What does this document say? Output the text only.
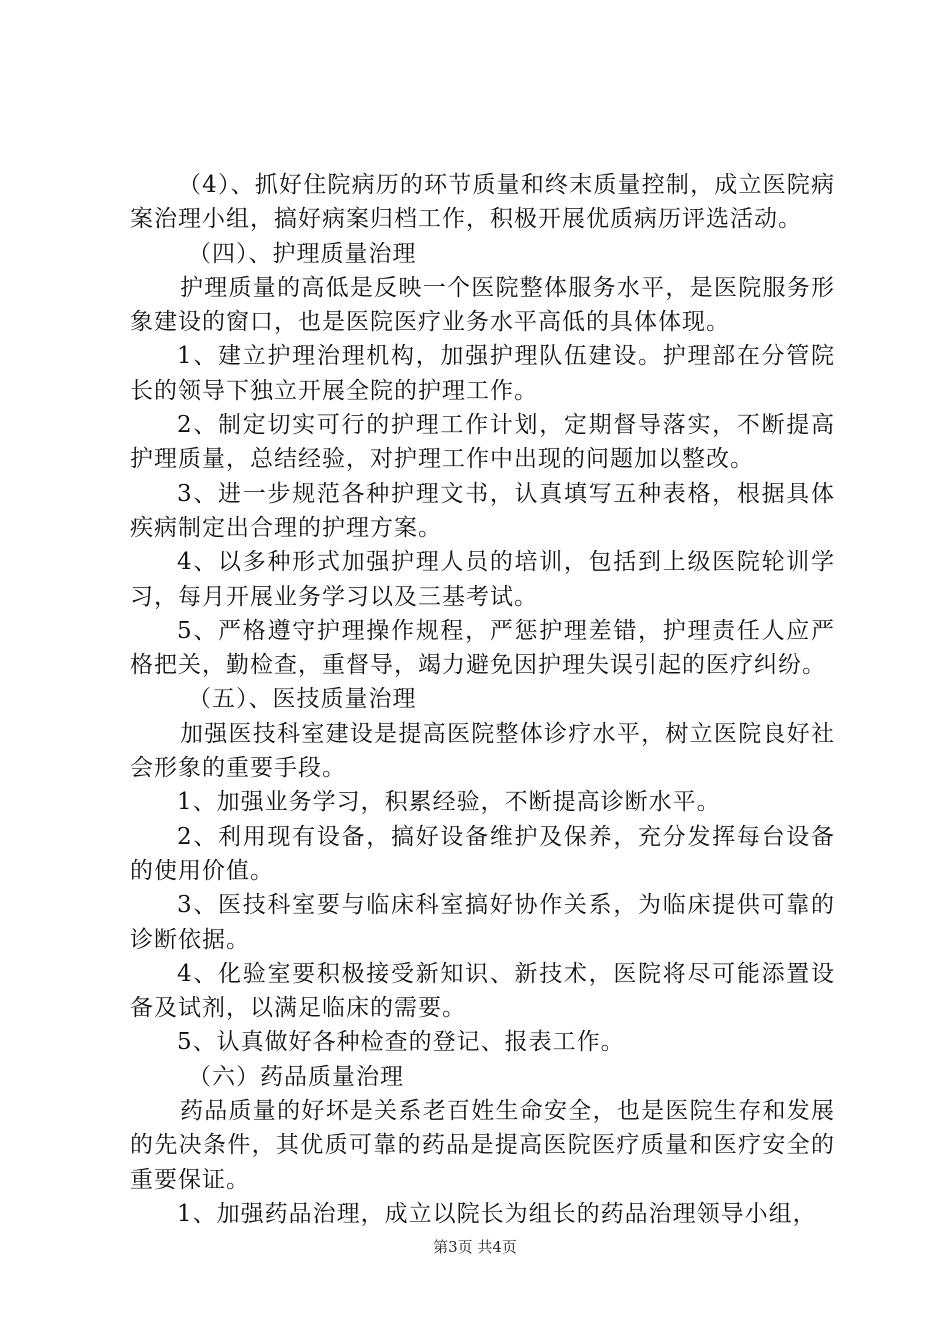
（4）、抓好住院病历的环节质量和终末质量控制，成立医院病案治理小组，搞好病案归档工作，积极开展优质病历评选活动。

（四）、护理质量治理

护理质量的高低是反映一个医院整体服务水平，是医院服务形象建设的窗口，也是医院医疗业务水平高低的具体体现。

1、建立护理治理机构，加强护理队伍建设。护理部在分管院长的领导下独立开展全院的护理工作。

2、制定切实可行的护理工作计划，定期督导落实，不断提高护理质量，总结经验，对护理工作中出现的问题加以整改。

3、进一步规范各种护理文书，认真填写五种表格，根据具体疾病制定出合理的护理方案。

4、以多种形式加强护理人员的培训，包括到上级医院轮训学习，每月开展业务学习以及三基考试。

5、严格遵守护理操作规程，严惩护理差错，护理责任人应严格把关，勤检查，重督导，竭力避免因护理失误引起的医疗纠纷。

（五）、医技质量治理

加强医技科室建设是提高医院整体诊疗水平，树立医院良好社会形象的重要手段。

1、加强业务学习，积累经验，不断提高诊断水平。

2、利用现有设备，搞好设备维护及保养，充分发挥每台设备的使用价值。

3、医技科室要与临床科室搞好协作关系，为临床提供可靠的诊断依据。

4、化验室要积极接受新知识、新技术，医院将尽可能添置设备及试剂，以满足临床的需要。

5、认真做好各种检查的登记、报表工作。

（六）药品质量治理

药品质量的好坏是关系老百姓生命安全，也是医院生存和发展的先决条件，其优质可靠的药品是提高医院医疗质量和医疗安全的重要保证。

1、加强药品治理，成立以院长为组长的药品治理领导小组，

第3页 共4页
